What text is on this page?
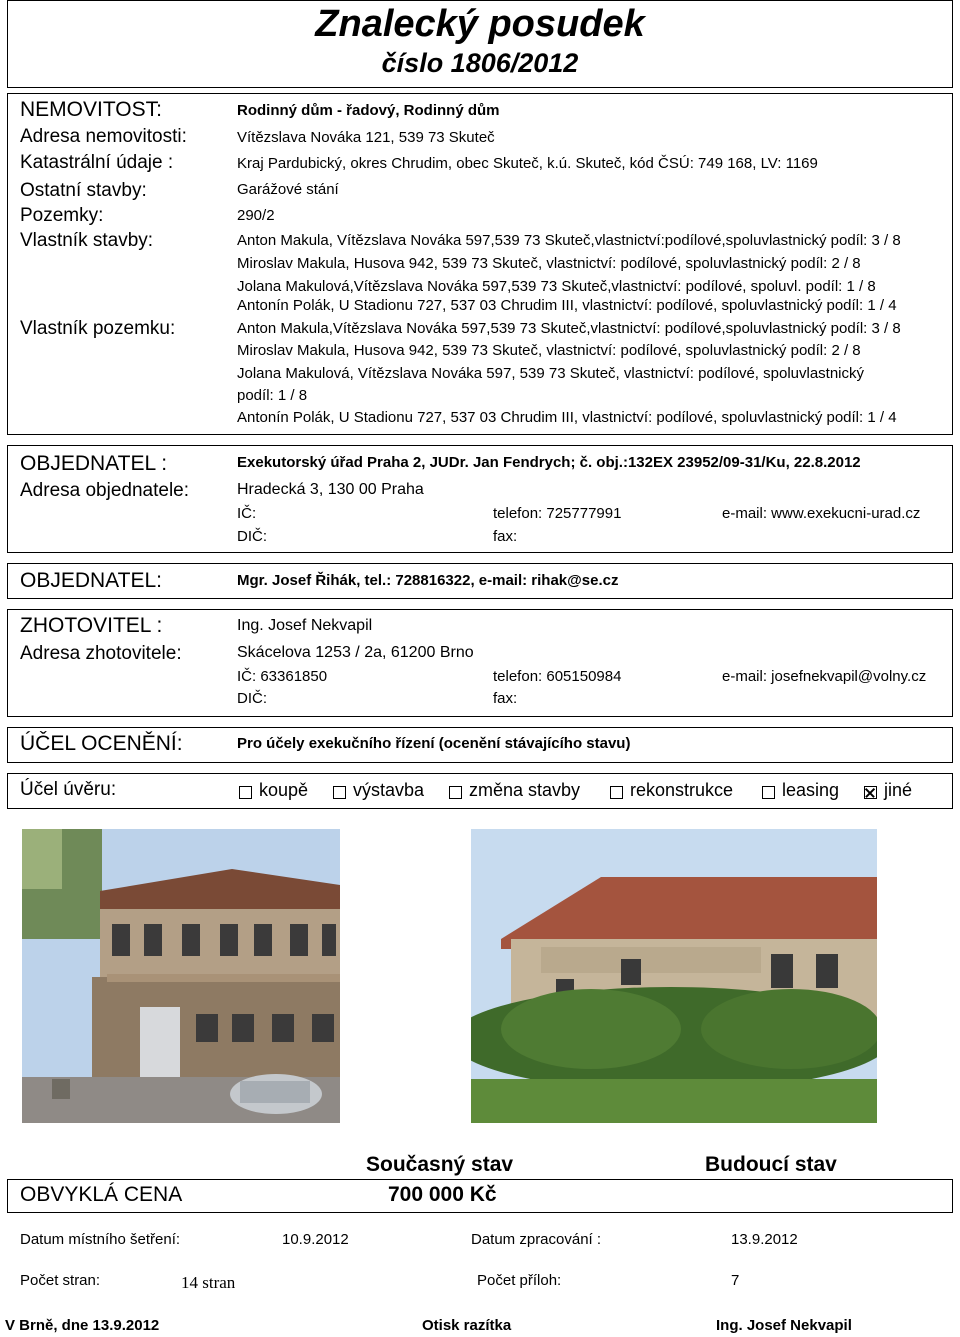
Znalecký posudek
číslo 1806/2012
NEMOVITOST:	Rodinný dům - řadový, Rodinný dům
Adresa nemovitosti:	Vítězslava Nováka 121, 539 73 Skuteč
Katastrální údaje :	Kraj Pardubický, okres Chrudim, obec Skuteč, k.ú. Skuteč, kód ČSÚ: 749 168, LV: 1169
Ostatní stavby:	Garážové stání
Pozemky:	290/2
Vlastník stavby:	Anton Makula, Vítězslava Nováka 597,539 73 Skuteč,vlastnictví:podílové,spoluvlastnický podíl: 3 / 8
Miroslav Makula, Husova 942, 539 73 Skuteč, vlastnictví: podílové, spoluvlastnický podíl: 2 / 8
Jolana Makulová,Vítězslava Nováka 597,539 73 Skuteč,vlastnictví: podílové, spoluvl. podíl: 1 / 8
Antonín Polák, U Stadionu 727, 537 03 Chrudim III, vlastnictví: podílové, spoluvlastnický podíl: 1 / 4
Vlastník pozemku:	Anton Makula,Vítězslava Nováka 597,539 73 Skuteč,vlastnictví: podílové,spoluvlastnický podíl: 3 / 8
Miroslav Makula, Husova 942, 539 73 Skuteč, vlastnictví: podílové, spoluvlastnický podíl: 2 / 8
Jolana Makulová, Vítězslava Nováka 597, 539 73 Skuteč, vlastnictví: podílové, spoluvlastnický
podíl: 1 / 8
Antonín Polák, U Stadionu 727, 537 03 Chrudim III, vlastnictví: podílové, spoluvlastnický podíl: 1 / 4
OBJEDNATEL :	Exekutorský úřad Praha 2, JUDr. Jan Fendrych; č. obj.:132EX 23952/09-31/Ku, 22.8.2012
Adresa objednatele:	Hradecká 3, 130 00 Praha
IČ:	telefon: 725777991	e-mail: www.exekucni-urad.cz
DIČ:	fax:
OBJEDNATEL:	Mgr. Josef Řihák, tel.: 728816322, e-mail: rihak@se.cz
ZHOTOVITEL :	Ing. Josef Nekvapil
Adresa zhotovitele:	Skácelova 1253 / 2a, 61200 Brno
IČ: 63361850	telefon: 605150984	e-mail: josefnekvapil@volny.cz
DIČ:	fax:
ÚČEL OCENĚNÍ:	Pro účely exekučního řízení (ocenění stávajícího stavu)
Účel úvěru:	koupě výstavba změna stavby	rekonstrukce	leasing jiné
Současný stav	Budoucí stav
OBVYKLÁ CENA	700 000 Kč
Datum místního šetření:	10.9.2012	Datum zpracování :	13.9.2012
Počet stran:	14 stran	Počet příloh:	7
V Brně, dne 13.9.2012	Otisk razítka	Ing. Josef Nekvapil
